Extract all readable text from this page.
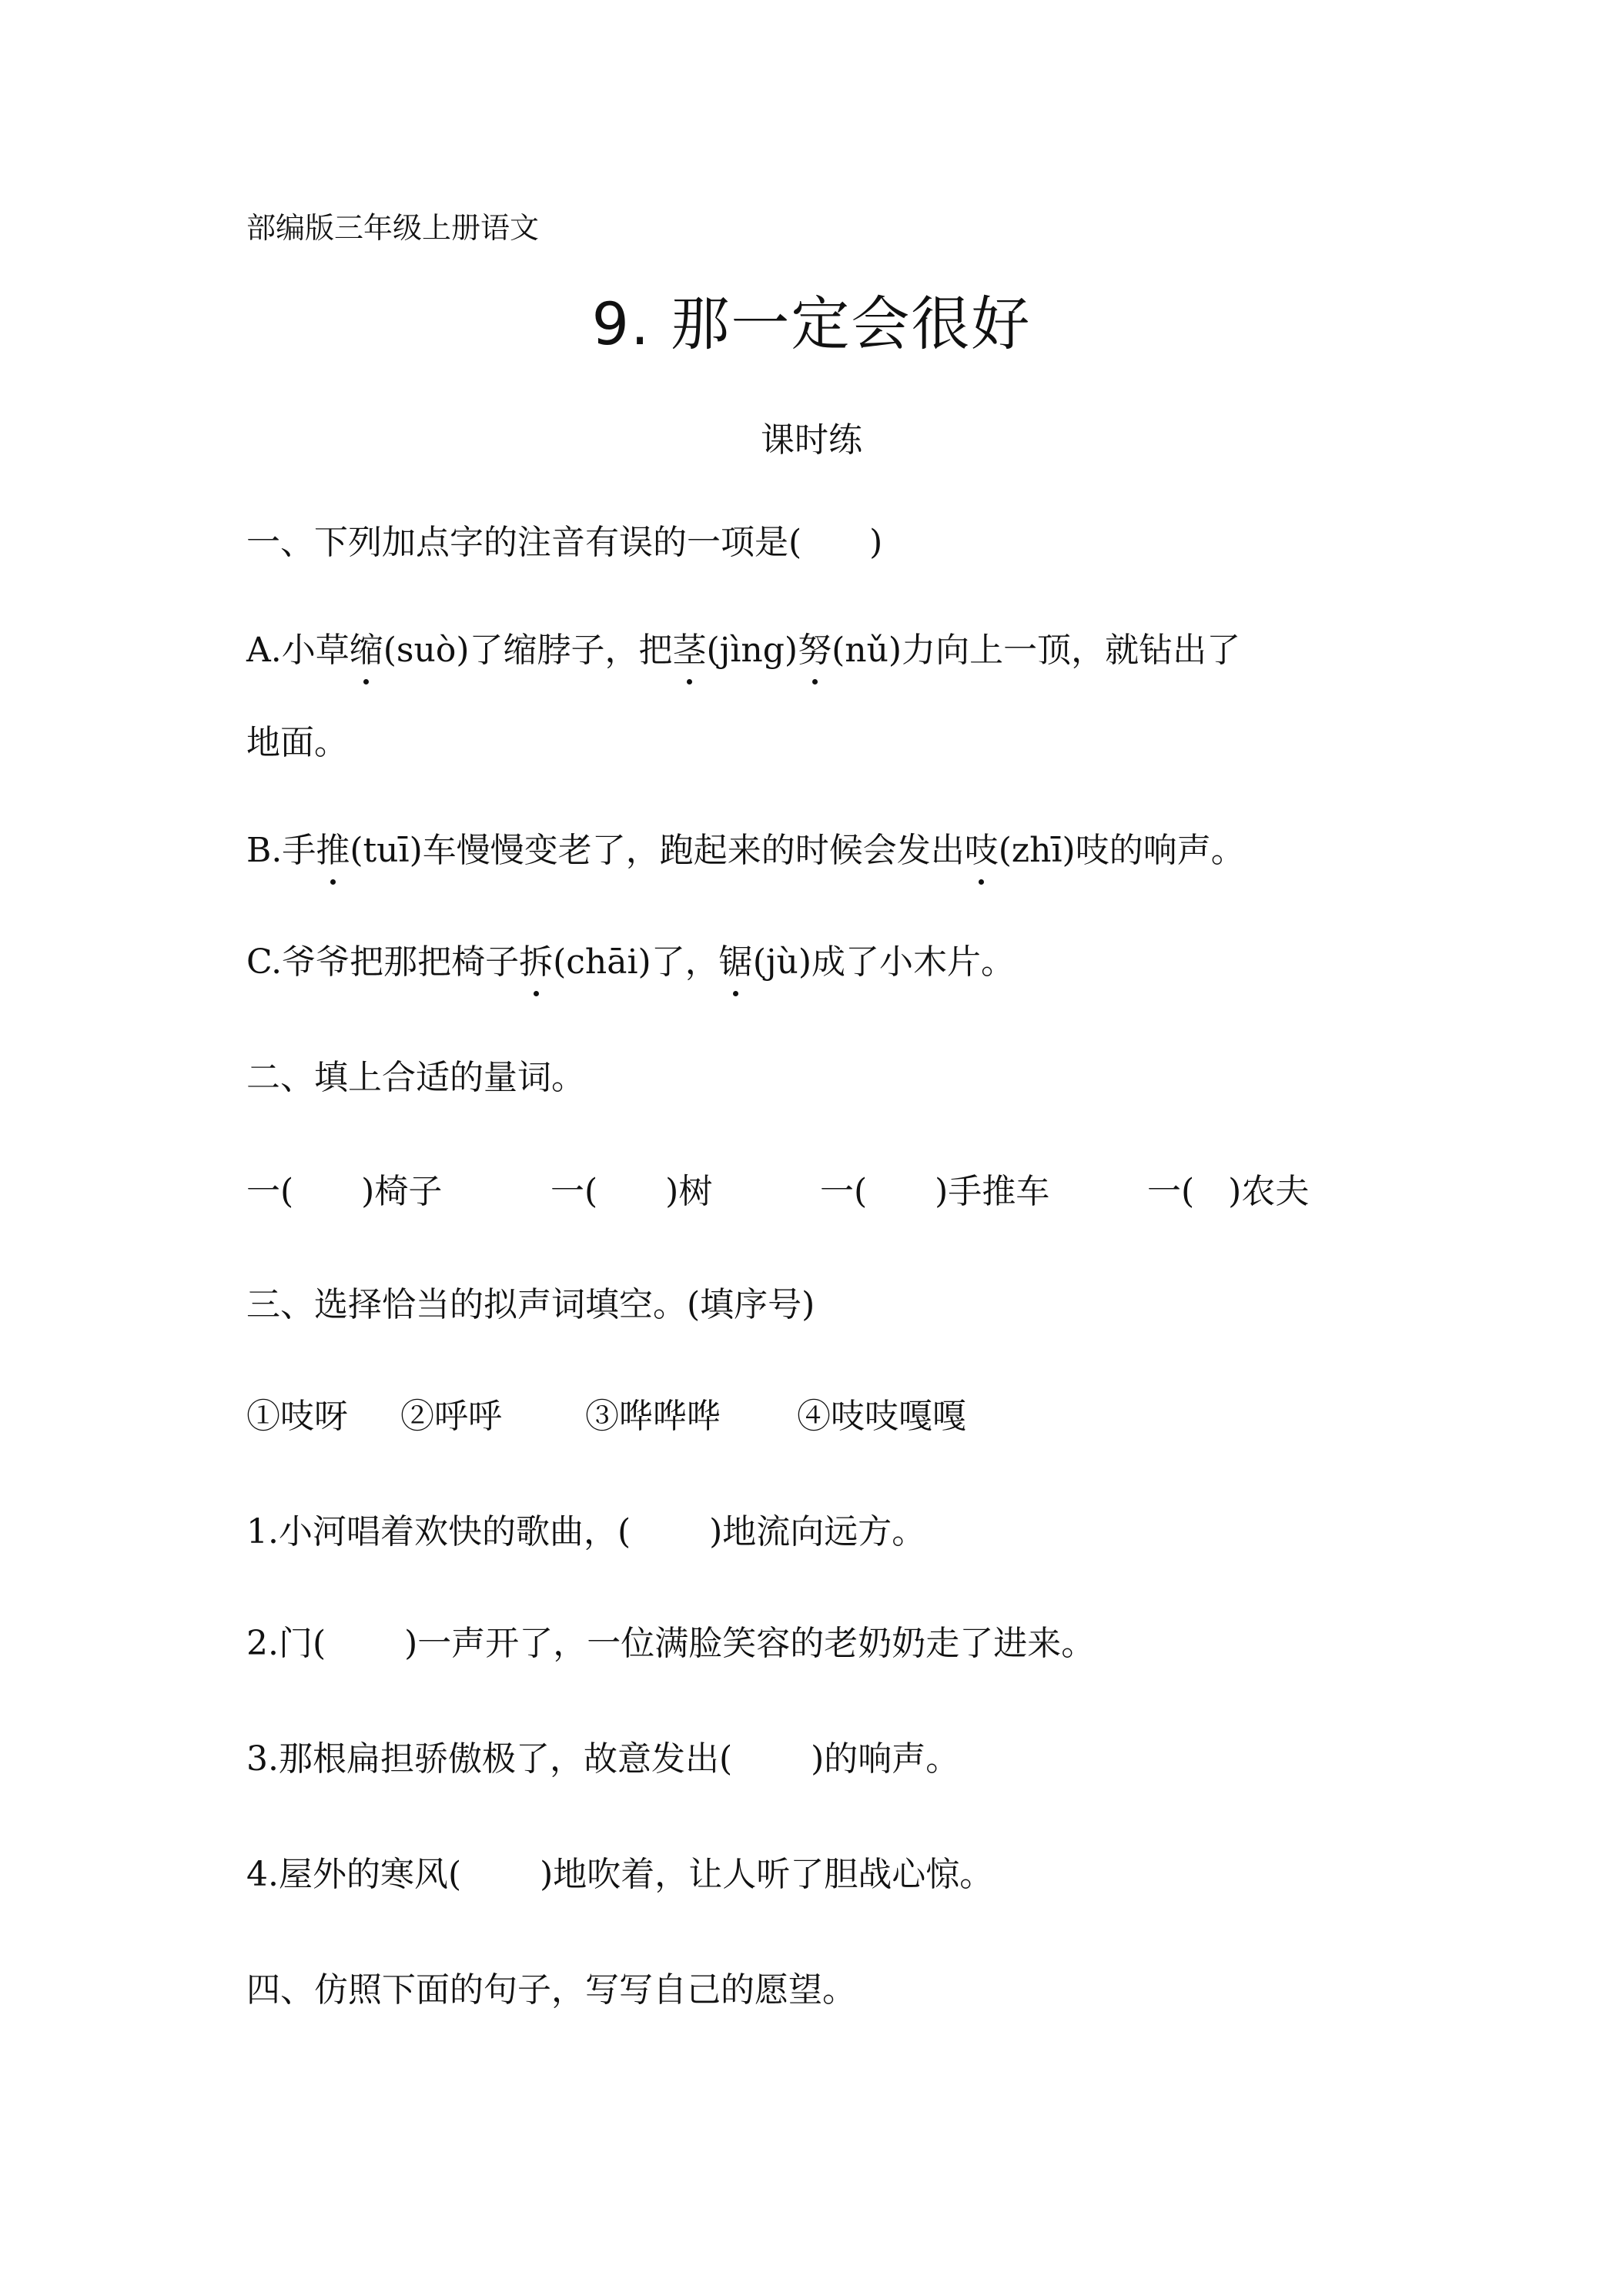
部编版三年级上册语文
9. 那一定会很好
课时练
一、下列加点字的注音有误的一项是(　　)
A.小草缩(suò)了缩脖子，把茎(jìng)努(nǔ)力向上一顶，就钻出了
地面。
B.手推(tuī)车慢慢变老了，跑起来的时候会发出吱(zhī)吱的响声。
C.爷爷把那把椅子拆(chāi)了，锯(jù)成了小木片。
二、填上合适的量词。
一(　　)椅子	一(　　)树	一(　　)手推车	一(　)农夫
三、选择恰当的拟声词填空。(填序号)
①吱呀 ②呼呼 ③哗哗哗 ④吱吱嘎嘎
1.小河唱着欢快的歌曲，(　　 )地流向远方。
2.门(　　 )一声开了，一位满脸笑容的老奶奶走了进来。
3.那根扁担骄傲极了，故意发出(　　 )的响声。
4.屋外的寒风(　　 )地吹着，让人听了胆战心惊。
四、仿照下面的句子，写写自己的愿望。
